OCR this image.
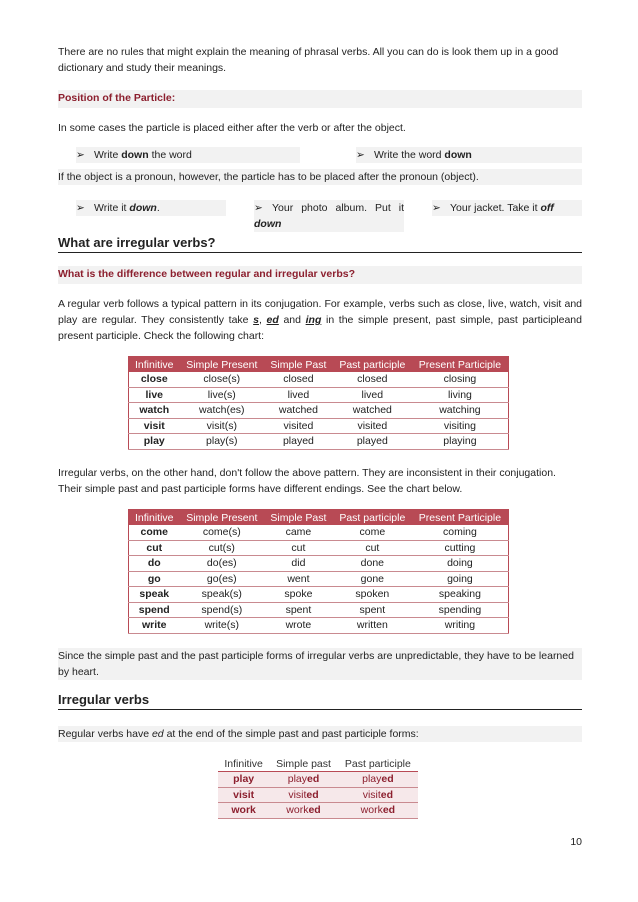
There are no rules that might explain the meaning of phrasal verbs. All you can do is look them up in a good dictionary and study their meanings.

Position of the Particle:

In some cases the particle is placed either after the verb or after the object.

➢ Write down the word	➢ Write the word down

If the object is a pronoun, however, the particle has to be placed after the pronoun (object).

➢ Write it down.	➢ Your photo album. Put it down
➢ Your jacket. Take it off
What are irregular verbs?

What is the difference between regular and irregular verbs?

A regular verb follows a typical pattern in its conjugation. For example, verbs such as close, live, watch, visit and play are regular. They consistently take s, ed and ing in the simple present, past simple, past participleand present participle. Check the following chart:

Infinitive	Simple Present	Simple Past	Past participle	Present Participle
close	close(s)	closed	closed	closing
live	live(s)	lived	lived	living
watch	watch(es)	watched	watched	watching
visit	visit(s)	visited	visited	visiting
play	play(s)	played	played	playing

Irregular verbs, on the other hand, don't follow the above pattern. They are inconsistent in their conjugation. Their simple past and past participle forms have different endings. See the chart below.

Infinitive	Simple Present	Simple Past	Past participle	Present Participle
come	come(s)	came	come	coming
cut	cut(s)	cut	cut	cutting
do	do(es)	did	done	doing
go	go(es)	went	gone	going
speak	speak(s)	spoke	spoken	speaking
spend	spend(s)	spent	spent	spending
write	write(s)	wrote	written	writing

Since the simple past and the past participle forms of irregular verbs are unpredictable, they have to be learned by heart.

Irregular verbs

Regular verbs have ed at the end of the simple past and past participle forms:

Infinitive	Simple past	Past participle
play	played	played
visit	visited	visited
work	worked	worked
10
